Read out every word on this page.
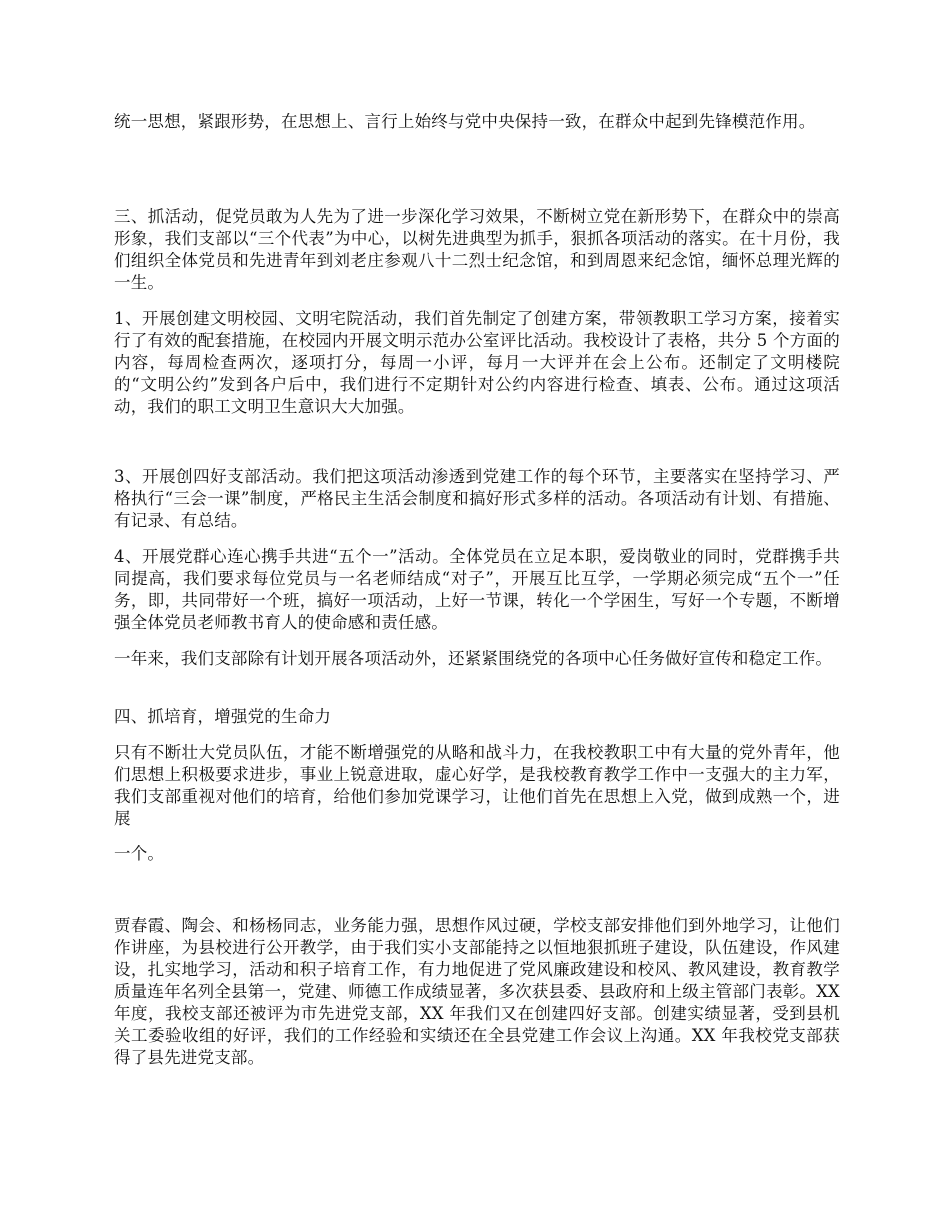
统一思想，紧跟形势，在思想上、言行上始终与党中央保持一致，在群众中起到先锋模范作用。

三、抓活动，促党员敢为人先为了进一步深化学习效果，不断树立党在新形势下，在群众中的崇高形象，我们支部以“三个代表”为中心，以树先进典型为抓手，狠抓各项活动的落实。在十月份，我们组织全体党员和先进青年到刘老庄参观八十二烈士纪念馆，和到周恩来纪念馆，缅怀总理光辉的一生。

1、开展创建文明校园、文明宅院活动，我们首先制定了创建方案，带领教职工学习方案，接着实行了有效的配套措施，在校园内开展文明示范办公室评比活动。我校设计了表格，共分 5 个方面的内容，每周检查两次，逐项打分，每周一小评，每月一大评并在会上公布。还制定了文明楼院的“文明公约”发到各户后中，我们进行不定期针对公约内容进行检查、填表、公布。通过这项活动，我们的职工文明卫生意识大大加强。

3、开展创四好支部活动。我们把这项活动渗透到党建工作的每个环节，主要落实在坚持学习、严格执行“三会一课”制度，严格民主生活会制度和搞好形式多样的活动。各项活动有计划、有措施、有记录、有总结。

4、开展党群心连心携手共进“五个一”活动。全体党员在立足本职，爱岗敬业的同时，党群携手共同提高，我们要求每位党员与一名老师结成“对子”，开展互比互学，一学期必须完成“五个一”任务，即，共同带好一个班，搞好一项活动，上好一节课，转化一个学困生，写好一个专题，不断增强全体党员老师教书育人的使命感和责任感。

一年来，我们支部除有计划开展各项活动外，还紧紧围绕党的各项中心任务做好宣传和稳定工作。

四、抓培育，增强党的生命力

只有不断壮大党员队伍，才能不断增强党的从略和战斗力，在我校教职工中有大量的党外青年，他们思想上积极要求进步，事业上锐意进取，虚心好学，是我校教育教学工作中一支强大的主力军，我们支部重视对他们的培育，给他们参加党课学习，让他们首先在思想上入党，做到成熟一个，进展

一个。

贾春霞、陶会、和杨杨同志，业务能力强，思想作风过硬，学校支部安排他们到外地学习，让他们作讲座，为县校进行公开教学，由于我们实小支部能持之以恒地狠抓班子建设，队伍建设，作风建设，扎实地学习，活动和积子培育工作，有力地促进了党风廉政建设和校风、教风建设，教育教学质量连年名列全县第一，党建、师德工作成绩显著，多次获县委、县政府和上级主管部门表彰。XX 年度，我校支部还被评为市先进党支部，XX 年我们又在创建四好支部。创建实绩显著，受到县机关工委验收组的好评，我们的工作经验和实绩还在全县党建工作会议上沟通。XX 年我校党支部获得了县先进党支部。
